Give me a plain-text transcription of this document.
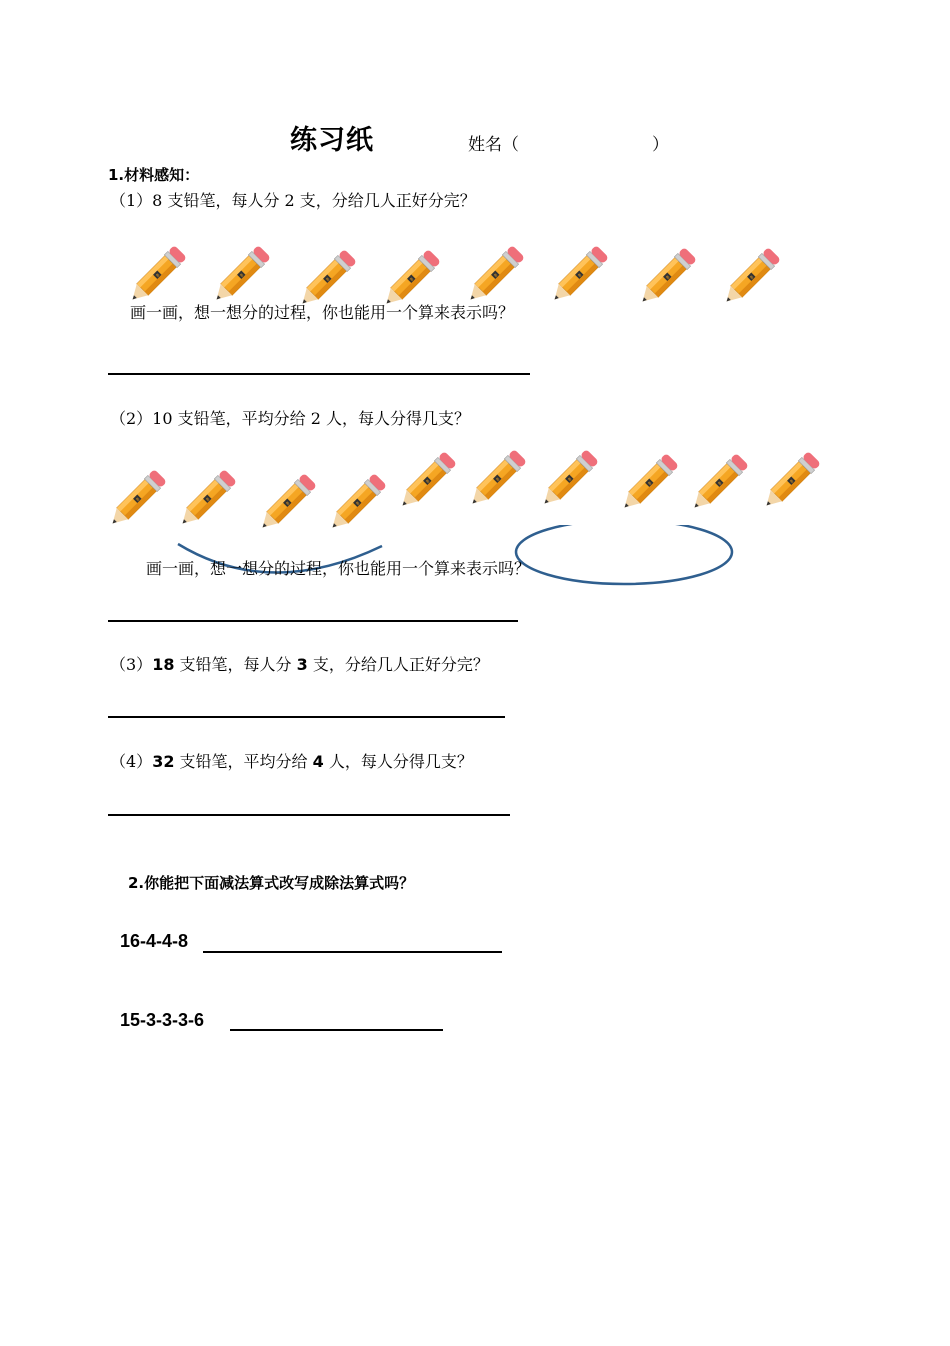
练习纸	姓名（	）
1.材料感知：
（1）8 支铅笔，每人分 2 支，分给几人正好分完？
B	B
B	B
B	B	B	B
画一画，想一想分的过程，你也能用一个算来表示吗？
（2）10 支铅笔，平均分给 2 人，每人分得几支？
B	B
B	B
B	B	B
B	B	B
画一画，想一想分的过程，你也能用一个算来表示吗？
（3）18 支铅笔，每人分 3 支，分给几人正好分完？
（4）32 支铅笔，平均分给 4 人，每人分得几支？
2.你能把下面减法算式改写成除法算式吗？
16-4-4-8
15-3-3-3-6
